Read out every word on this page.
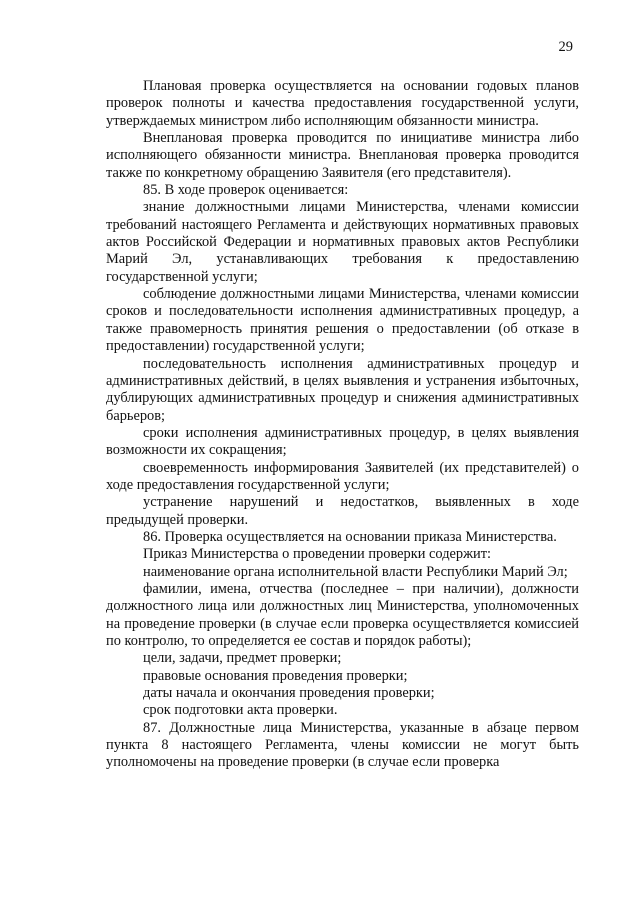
29

Плановая проверка осуществляется на основании годовых планов проверок полноты и качества предоставления государственной услуги, утверждаемых министром либо исполняющим обязанности министра.

Внеплановая проверка проводится по инициативе министра либо исполняющего обязанности министра. Внеплановая проверка проводится также по конкретному обращению Заявителя (его представителя).

85. В ходе проверок оценивается:

знание должностными лицами Министерства, членами комиссии требований настоящего Регламента и действующих нормативных правовых актов Российской Федерации и нормативных правовых актов Республики Марий Эл, устанавливающих требования к предоставлению государственной услуги;

соблюдение должностными лицами Министерства, членами комиссии сроков и последовательности исполнения административных процедур, а также правомерность принятия решения о предоставлении (об отказе в предоставлении) государственной услуги;

последовательность исполнения административных процедур и административных действий, в целях выявления и устранения избыточных, дублирующих административных процедур и снижения административных барьеров;

сроки исполнения административных процедур, в целях выявления возможности их сокращения;

своевременность информирования Заявителей (их представителей) о ходе предоставления государственной услуги;

устранение нарушений и недостатков, выявленных в ходе предыдущей проверки.

86. Проверка осуществляется на основании приказа Министерства.

Приказ Министерства о проведении проверки содержит:

наименование органа исполнительной власти Республики Марий Эл;

фамилии, имена, отчества (последнее – при наличии), должности должностного лица или должностных лиц Министерства, уполномоченных на проведение проверки (в случае если проверка осуществляется комиссией по контролю, то определяется ее состав и порядок работы);

цели, задачи, предмет проверки;

правовые основания проведения проверки;

даты начала и окончания проведения проверки;

срок подготовки акта проверки.

87. Должностные лица Министерства, указанные в абзаце первом пункта 8 настоящего Регламента, члены комиссии не могут быть уполномочены на проведение проверки (в случае если проверка
